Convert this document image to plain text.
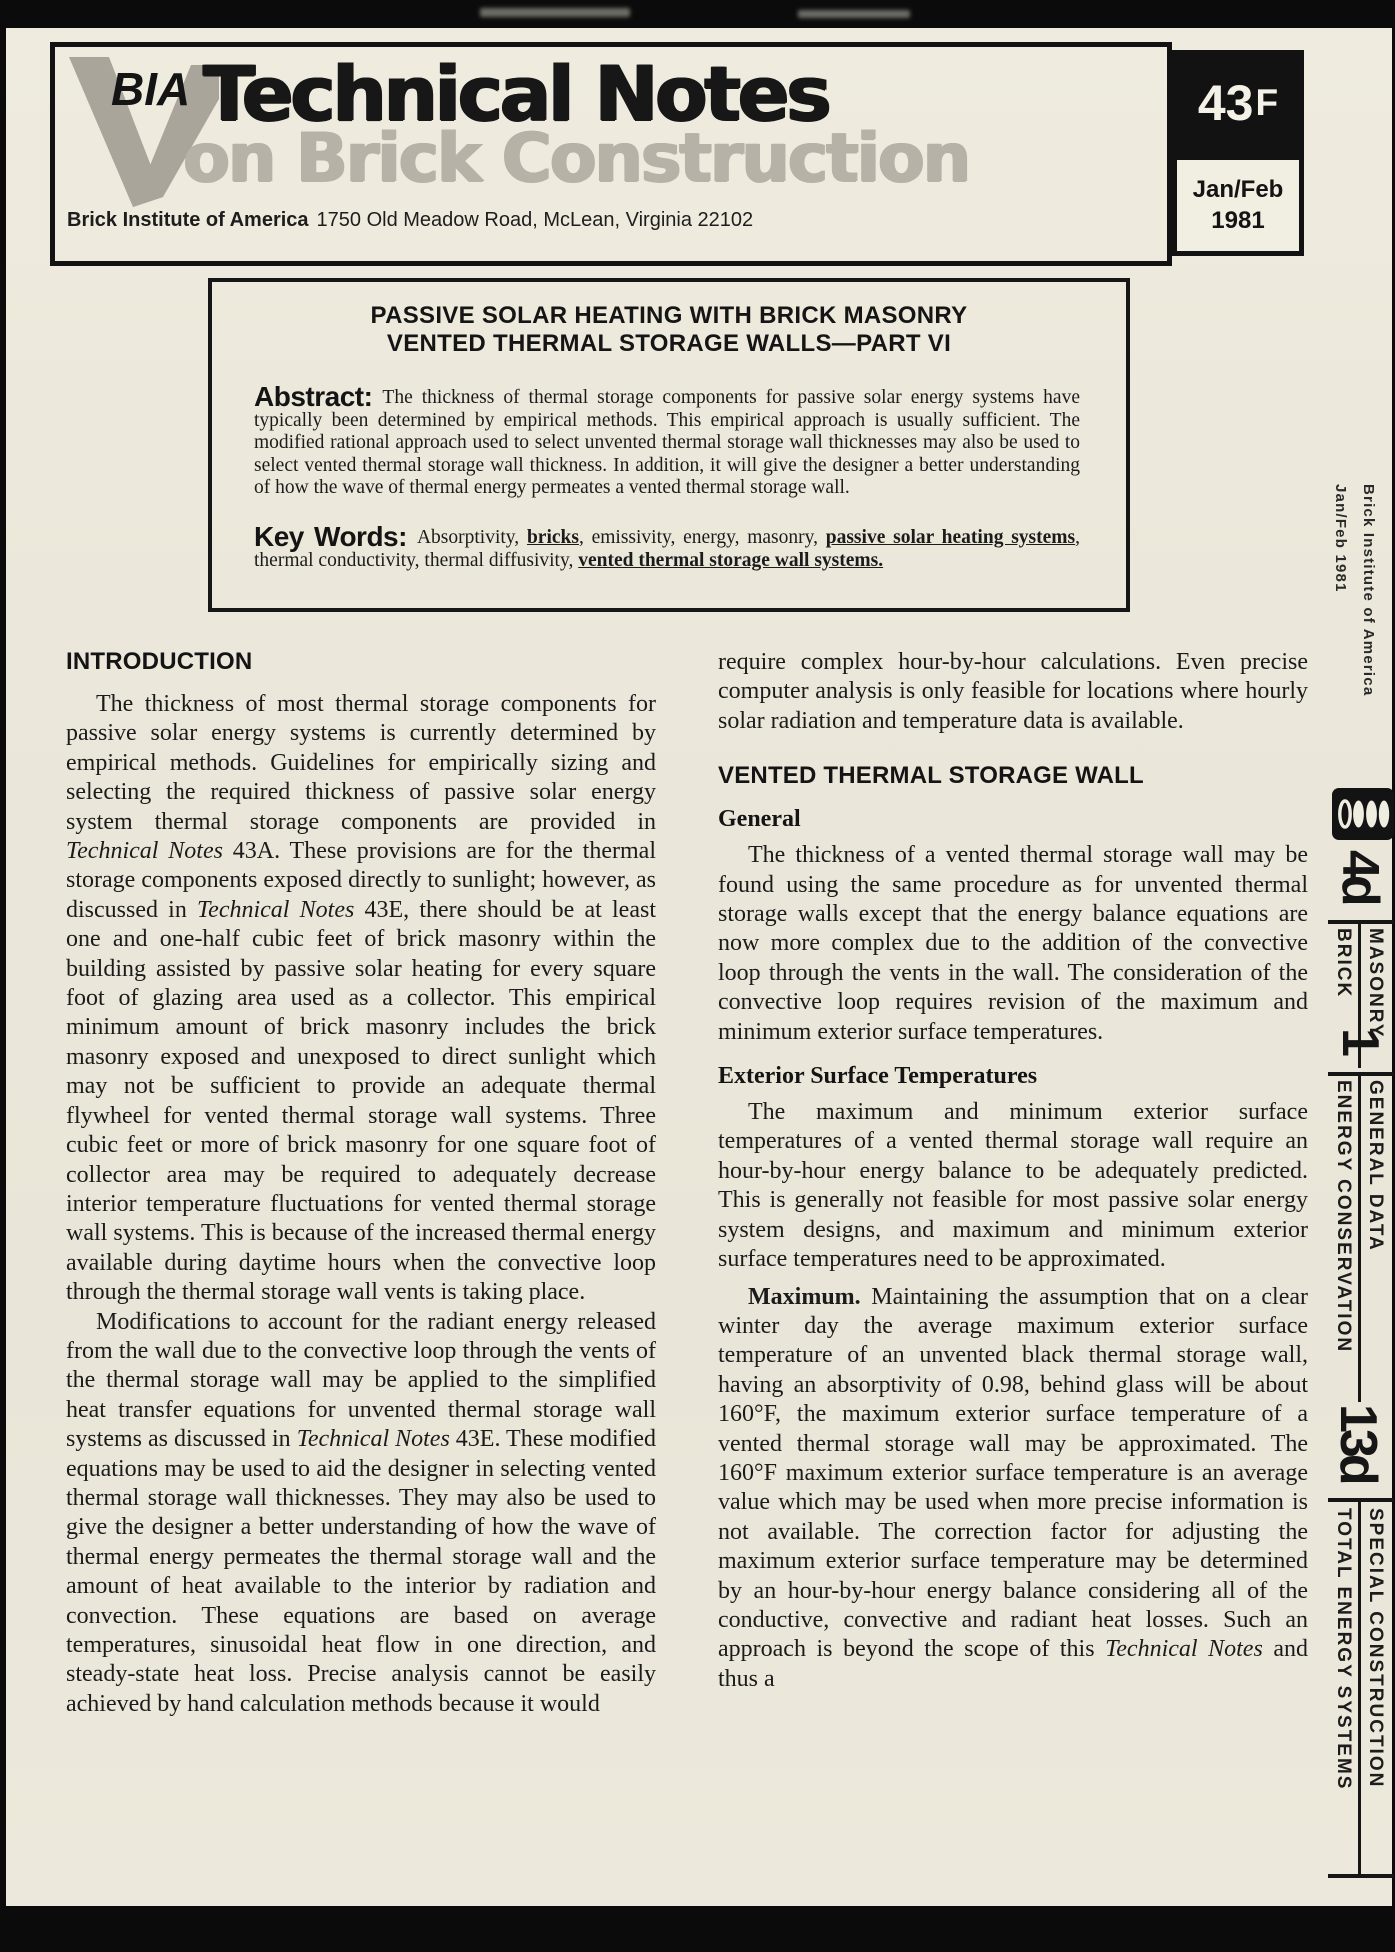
BIA Technical Notes
on Brick Construction
Brick Institute of America 1750 Old Meadow Road, McLean, Virginia 22102
43 F
Jan/Feb
1981
PASSIVE SOLAR HEATING WITH BRICK MASONRY
VENTED THERMAL STORAGE WALLS—PART VI

Abstract: The thickness of thermal storage components for passive solar energy systems have typically been determined by empirical methods. This empirical approach is usually sufficient. The modified rational approach used to select unvented thermal storage wall thicknesses may also be used to select vented thermal storage wall thickness. In addition, it will give the designer a better understanding of how the wave of thermal energy permeates a vented thermal storage wall.

Key Words: Absorptivity, bricks, emissivity, energy, masonry, passive solar heating systems, thermal conductivity, thermal diffusivity, vented thermal storage wall systems.

INTRODUCTION

The thickness of most thermal storage components for passive solar energy systems is currently determined by empirical methods. Guidelines for empirically sizing and selecting the required thickness of passive solar energy system thermal storage components are provided in Technical Notes 43A. These provisions are for the thermal storage components exposed directly to sunlight; however, as discussed in Technical Notes 43E, there should be at least one and one-half cubic feet of brick masonry within the building assisted by passive solar heating for every square foot of glazing area used as a collector. This empirical minimum amount of brick masonry includes the brick masonry exposed and unexposed to direct sunlight which may not be sufficient to provide an adequate thermal flywheel for vented thermal storage wall systems. Three cubic feet or more of brick masonry for one square foot of collector area may be required to adequately decrease interior temperature fluctuations for vented thermal storage wall systems. This is because of the increased thermal energy available during daytime hours when the convective loop through the thermal storage wall vents is taking place.

Modifications to account for the radiant energy released from the wall due to the convective loop through the vents of the thermal storage wall may be applied to the simplified heat transfer equations for unvented thermal storage wall systems as discussed in Technical Notes 43E. These modified equations may be used to aid the designer in selecting vented thermal storage wall thicknesses. They may also be used to give the designer a better understanding of how the wave of thermal energy permeates the thermal storage wall and the amount of heat available to the interior by radiation and convection. These equations are based on average temperatures, sinusoidal heat flow in one direction, and steady-state heat loss. Precise analysis cannot be easily achieved by hand calculation methods because it would

require complex hour-by-hour calculations. Even precise computer analysis is only feasible for locations where hourly solar radiation and temperature data is available.

VENTED THERMAL STORAGE WALL
General

The thickness of a vented thermal storage wall may be found using the same procedure as for unvented thermal storage walls except that the energy balance equations are now more complex due to the addition of the convective loop through the vents in the wall. The consideration of the convective loop requires revision of the maximum and minimum exterior surface temperatures.

Exterior Surface Temperatures

The maximum and minimum exterior surface temperatures of a vented thermal storage wall require an hour-by-hour energy balance to be adequately predicted. This is generally not feasible for most passive solar energy system designs, and maximum and minimum exterior surface temperatures need to be approximated.

Maximum. Maintaining the assumption that on a clear winter day the average maximum exterior surface temperature of an unvented black thermal storage wall, having an absorptivity of 0.98, behind glass will be about 160°F, the maximum exterior surface temperature of a vented thermal storage wall may be approximated. The 160°F maximum exterior surface temperature is an average value which may be used when more precise information is not available. The correction factor for adjusting the maximum exterior surface temperature may be determined by an hour-by-hour energy balance considering all of the conductive, convective and radiant heat losses. Such an approach is beyond the scope of this Technical Notes and thus a

Brick Institute of America
Jan/Feb 1981
4d
MASONRY
BRICK
1
GENERAL DATA
ENERGY CONSERVATION
13d
SPECIAL CONSTRUCTION
TOTAL ENERGY SYSTEMS
